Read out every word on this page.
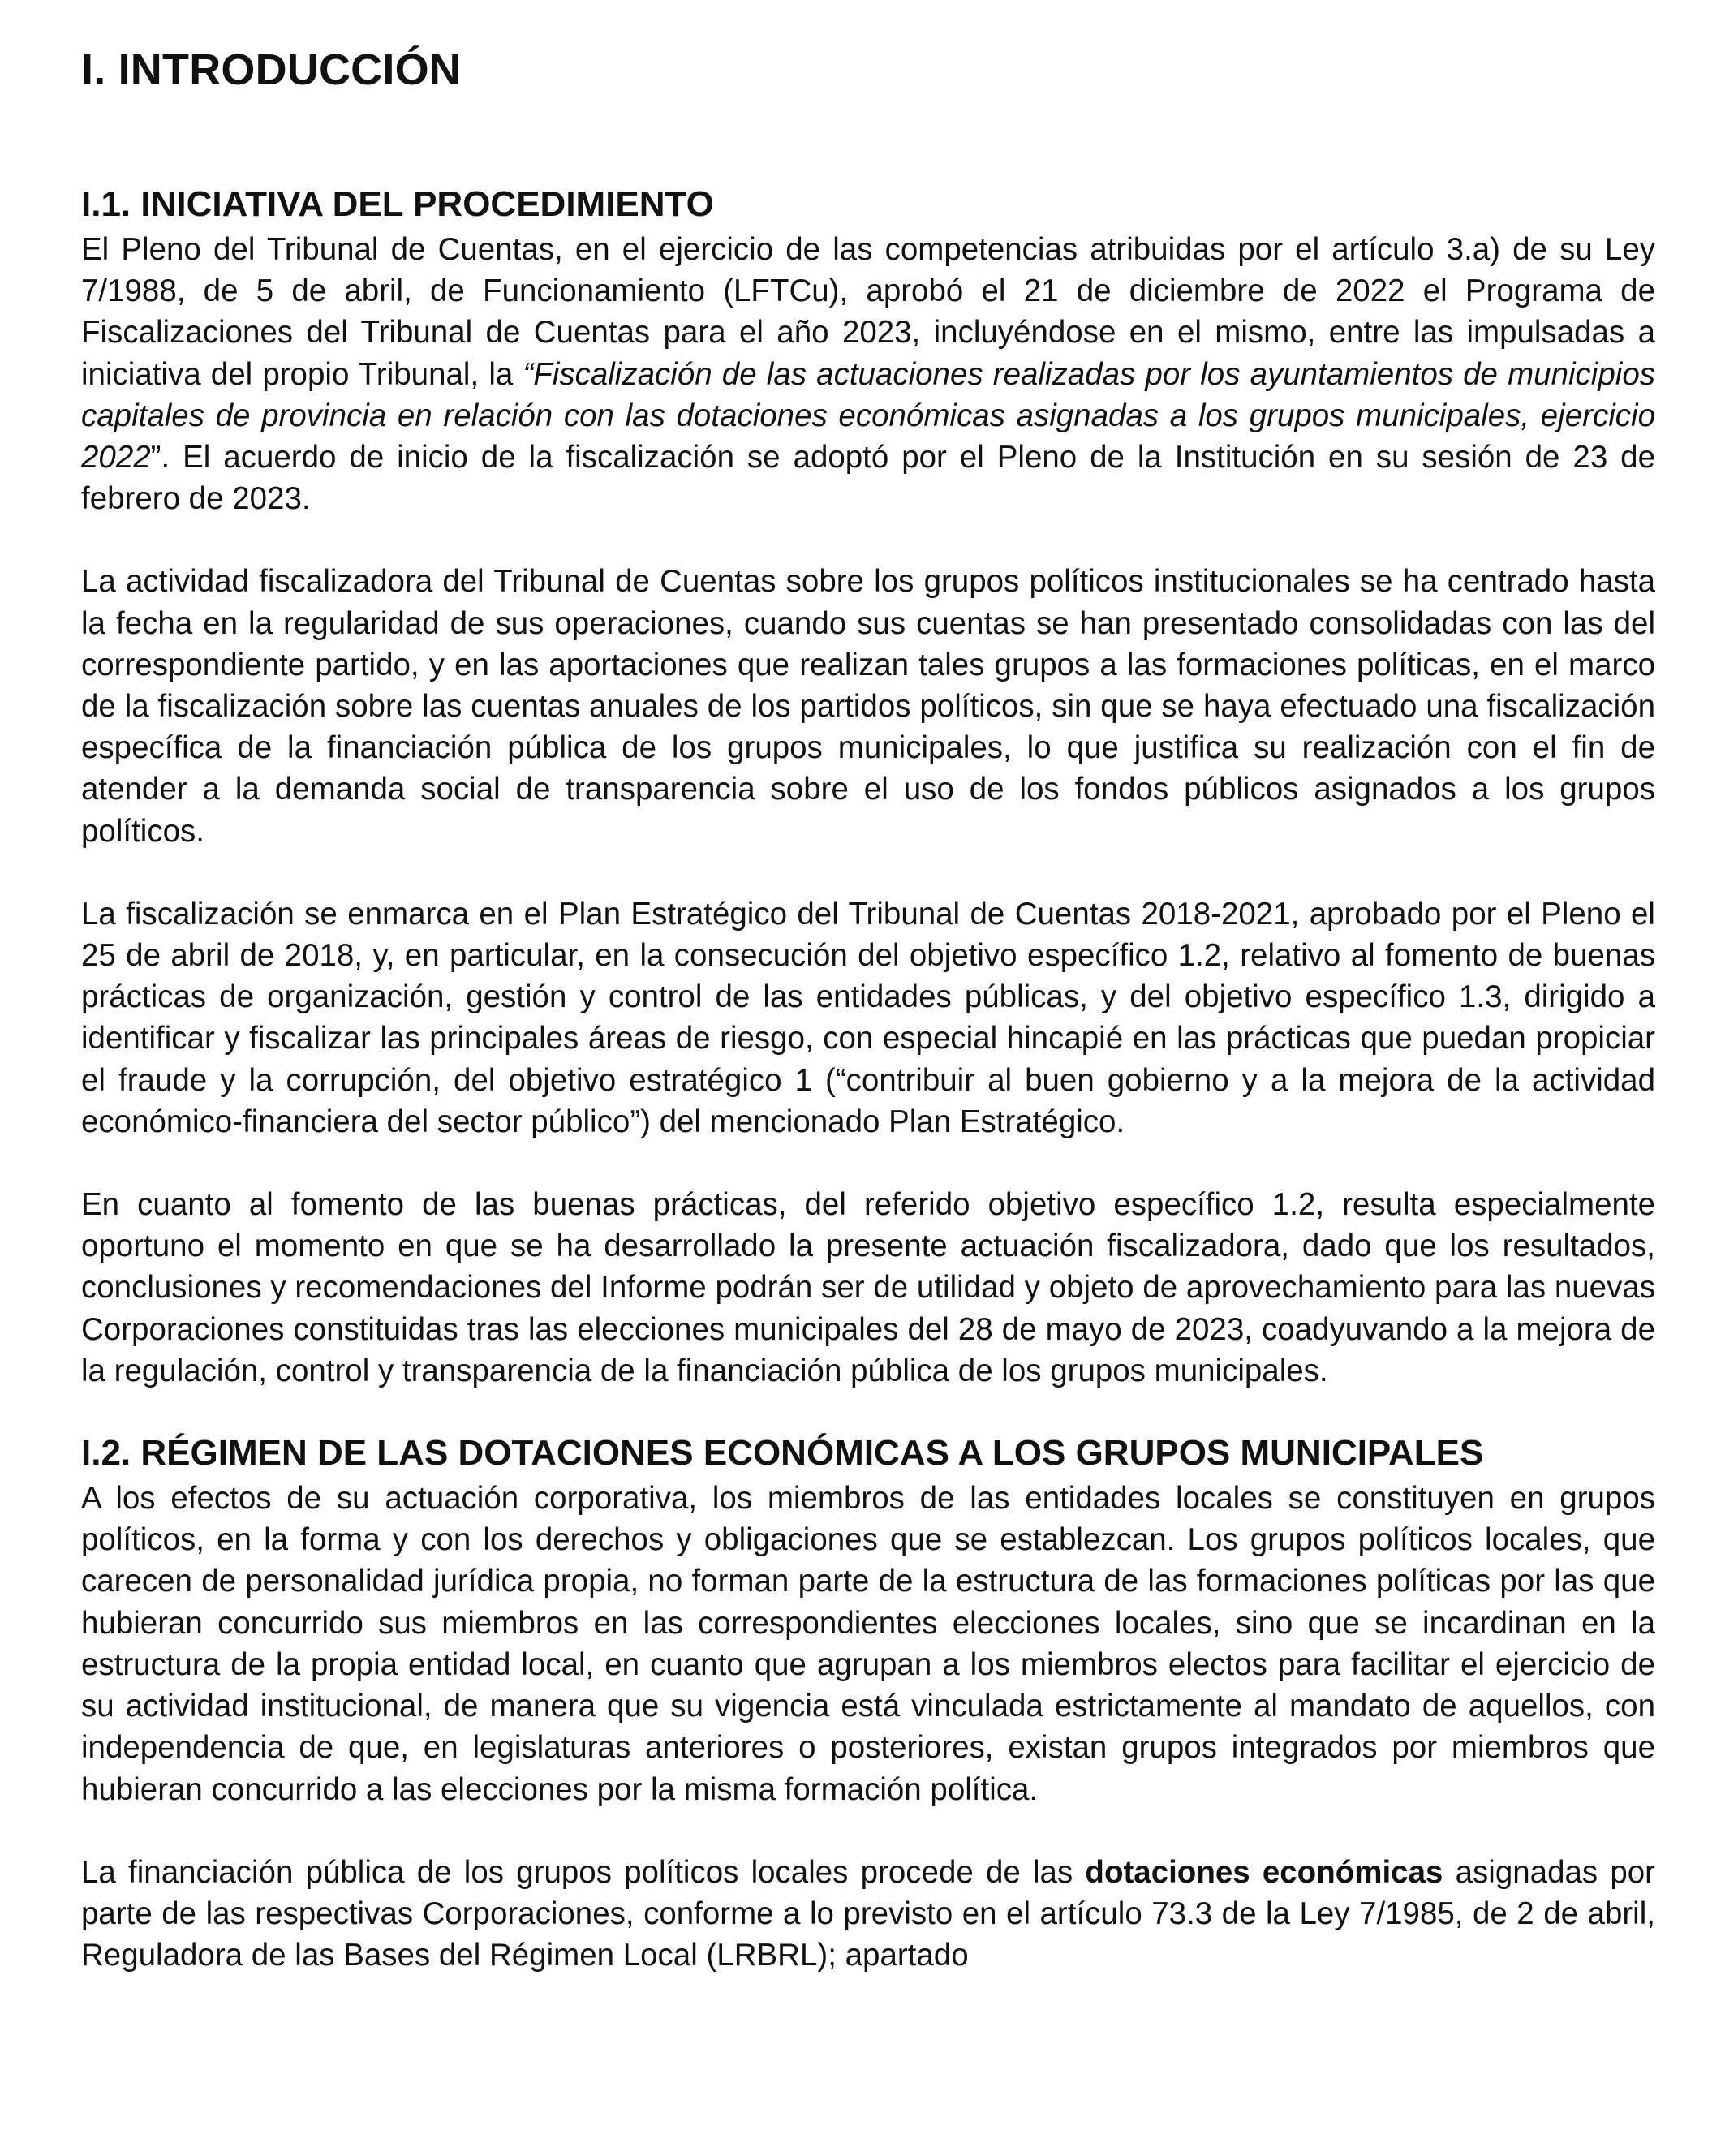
I. INTRODUCCIÓN
I.1. INICIATIVA DEL PROCEDIMIENTO

El Pleno del Tribunal de Cuentas, en el ejercicio de las competencias atribuidas por el artículo 3.a) de su Ley 7/1988, de 5 de abril, de Funcionamiento (LFTCu), aprobó el 21 de diciembre de 2022 el Programa de Fiscalizaciones del Tribunal de Cuentas para el año 2023, incluyéndose en el mismo, entre las impulsadas a iniciativa del propio Tribunal, la “Fiscalización de las actuaciones realizadas por los ayuntamientos de municipios capitales de provincia en relación con las dotaciones económicas asignadas a los grupos municipales, ejercicio 2022”. El acuerdo de inicio de la fiscalización se adoptó por el Pleno de la Institución en su sesión de 23 de febrero de 2023.

La actividad fiscalizadora del Tribunal de Cuentas sobre los grupos políticos institucionales se ha centrado hasta la fecha en la regularidad de sus operaciones, cuando sus cuentas se han presentado consolidadas con las del correspondiente partido, y en las aportaciones que realizan tales grupos a las formaciones políticas, en el marco de la fiscalización sobre las cuentas anuales de los partidos políticos, sin que se haya efectuado una fiscalización específica de la financiación pública de los grupos municipales, lo que justifica su realización con el fin de atender a la demanda social de transparencia sobre el uso de los fondos públicos asignados a los grupos políticos.

La fiscalización se enmarca en el Plan Estratégico del Tribunal de Cuentas 2018-2021, aprobado por el Pleno el 25 de abril de 2018, y, en particular, en la consecución del objetivo específico 1.2, relativo al fomento de buenas prácticas de organización, gestión y control de las entidades públicas, y del objetivo específico 1.3, dirigido a identificar y fiscalizar las principales áreas de riesgo, con especial hincapié en las prácticas que puedan propiciar el fraude y la corrupción, del objetivo estratégico 1 (“contribuir al buen gobierno y a la mejora de la actividad económico-financiera del sector público”) del mencionado Plan Estratégico.

En cuanto al fomento de las buenas prácticas, del referido objetivo específico 1.2, resulta especialmente oportuno el momento en que se ha desarrollado la presente actuación fiscalizadora, dado que los resultados, conclusiones y recomendaciones del Informe podrán ser de utilidad y objeto de aprovechamiento para las nuevas Corporaciones constituidas tras las elecciones municipales del 28 de mayo de 2023, coadyuvando a la mejora de la regulación, control y transparencia de la financiación pública de los grupos municipales.

I.2. RÉGIMEN DE LAS DOTACIONES ECONÓMICAS A LOS GRUPOS MUNICIPALES

A los efectos de su actuación corporativa, los miembros de las entidades locales se constituyen en grupos políticos, en la forma y con los derechos y obligaciones que se establezcan. Los grupos políticos locales, que carecen de personalidad jurídica propia, no forman parte de la estructura de las formaciones políticas por las que hubieran concurrido sus miembros en las correspondientes elecciones locales, sino que se incardinan en la estructura de la propia entidad local, en cuanto que agrupan a los miembros electos para facilitar el ejercicio de su actividad institucional, de manera que su vigencia está vinculada estrictamente al mandato de aquellos, con independencia de que, en legislaturas anteriores o posteriores, existan grupos integrados por miembros que hubieran concurrido a las elecciones por la misma formación política.

La financiación pública de los grupos políticos locales procede de las dotaciones económicas asignadas por parte de las respectivas Corporaciones, conforme a lo previsto en el artículo 73.3 de la Ley 7/1985, de 2 de abril, Reguladora de las Bases del Régimen Local (LRBRL); apartado
